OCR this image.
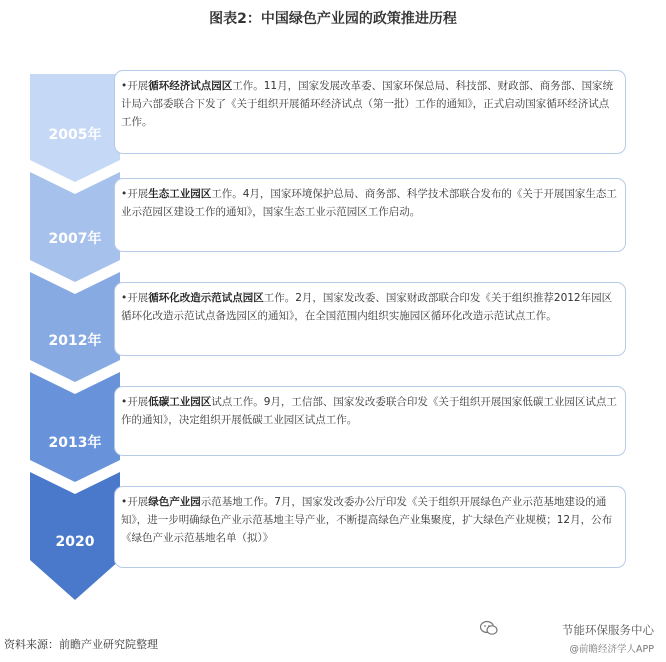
图表2：中国绿色产业园的政策推进历程
2005年
2007年
2012年
2013年
2020
•开展循环经济试点园区工作。11月，国家发展改革委、国家环保总局、科技部、财政部、商务部、国家统计局六部委联合下发了《关于组织开展循环经济试点（第一批）工作的通知》，正式启动国家循环经济试点工作。
•开展生态工业园区工作。4月，国家环境保护总局、商务部、科学技术部联合发布的《关于开展国家生态工业示范园区建设工作的通知》，国家生态工业示范园区工作启动。
•开展循环化改造示范试点园区工作。2月，国家发改委、国家财政部联合印发《关于组织推荐2012年园区循环化改造示范试点备选园区的通知》，在全国范围内组织实施园区循环化改造示范试点工作。
•开展低碳工业园区试点工作。9月，工信部、国家发改委联合印发《关于组织开展国家低碳工业园区试点工作的通知》，决定组织开展低碳工业园区试点工作。
•开展绿色产业园示范基地工作。7月，国家发改委办公厅印发《关于组织开展绿色产业示范基地建设的通知》，进一步明确绿色产业示范基地主导产业，不断提高绿色产业集聚度，扩大绿色产业规模；12月，公布《绿色产业示范基地名单（拟）》
资料来源：前瞻产业研究院整理
节能环保服务中心
@前瞻经济学人APP
